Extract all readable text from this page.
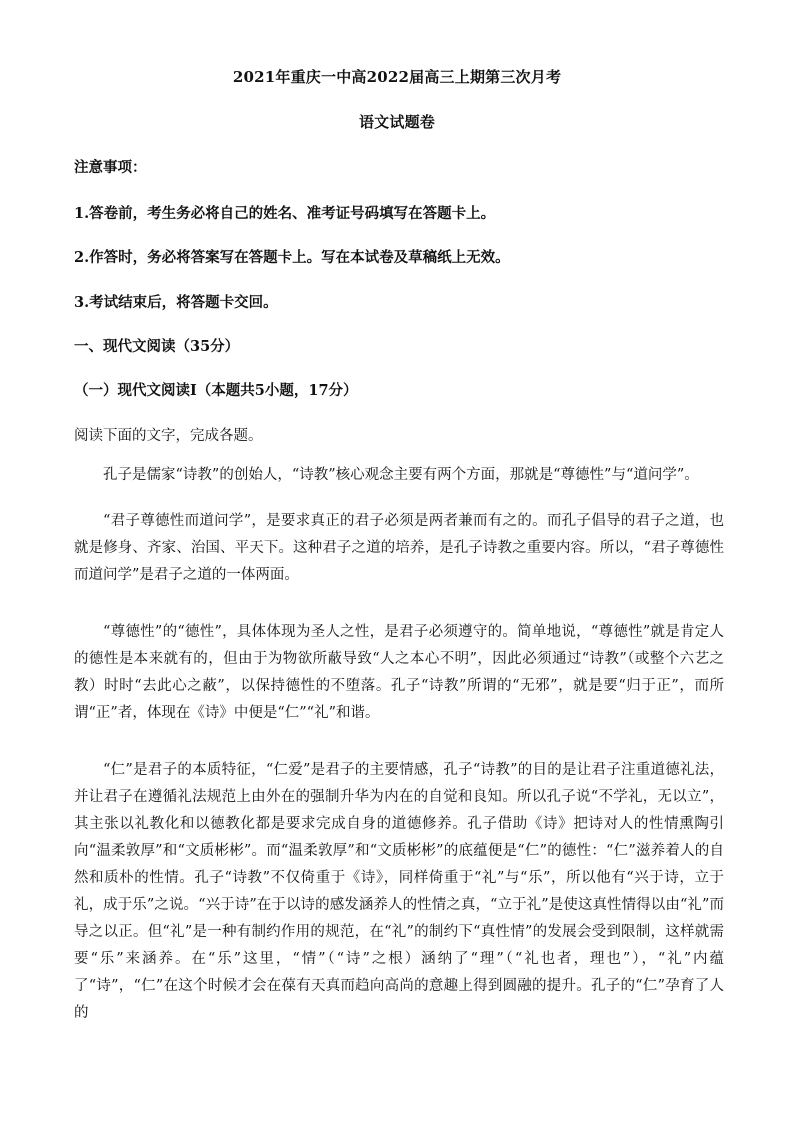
2021年重庆一中高2022届高三上期第三次月考
语文试题卷
注意事项：
1.答卷前，考生务必将自己的姓名、准考证号码填写在答题卡上。
2.作答时，务必将答案写在答题卡上。写在本试卷及草稿纸上无效。
3.考试结束后，将答题卡交回。
一、现代文阅读（35分）
（一）现代文阅读Ⅰ（本题共5小题，17分）
阅读下面的文字，完成各题。
孔子是儒家“诗教”的创始人，“诗教”核心观念主要有两个方面，那就是“尊德性”与“道问学”。
“君子尊德性而道问学”，是要求真正的君子必须是两者兼而有之的。而孔子倡导的君子之道，也就是修身、齐家、治国、平天下。这种君子之道的培养，是孔子诗教之重要内容。所以，“君子尊德性而道问学”是君子之道的一体两面。
“尊德性”的“德性”，具体体现为圣人之性，是君子必须遵守的。简单地说，“尊德性”就是肯定人的德性是本来就有的，但由于为物欲所蔽导致“人之本心不明”，因此必须通过“诗教”（或整个六艺之教）时时“去此心之蔽”，以保持德性的不堕落。孔子“诗教”所谓的“无邪”，就是要“归于正”，而所谓“正”者，体现在《诗》中便是“仁”“礼”和谐。
“仁”是君子的本质特征，“仁爱”是君子的主要情感，孔子“诗教”的目的是让君子注重道德礼法，并让君子在遵循礼法规范上由外在的强制升华为内在的自觉和良知。所以孔子说“不学礼，无以立”，其主张以礼教化和以德教化都是要求完成自身的道德修养。孔子借助《诗》把诗对人的性情熏陶引向“温柔敦厚”和“文质彬彬”。而“温柔敦厚”和“文质彬彬”的底蕴便是“仁”的德性：“仁”滋养着人的自然和质朴的性情。孔子“诗教”不仅倚重于《诗》，同样倚重于“礼”与“乐”，所以他有“兴于诗，立于礼，成于乐”之说。“兴于诗”在于以诗的感发涵养人的性情之真，“立于礼”是使这真性情得以由“礼”而导之以正。但“礼”是一种有制约作用的规范，在“礼”的制约下“真性情”的发展会受到限制，这样就需要“乐”来涵养。在“乐”这里，“情”（“诗”之根）涵纳了“理”（“礼也者，理也”），“礼”内蕴了“诗”，“仁”在这个时候才会在葆有天真而趋向高尚的意趣上得到圆融的提升。孔子的“仁”孕育了人的
